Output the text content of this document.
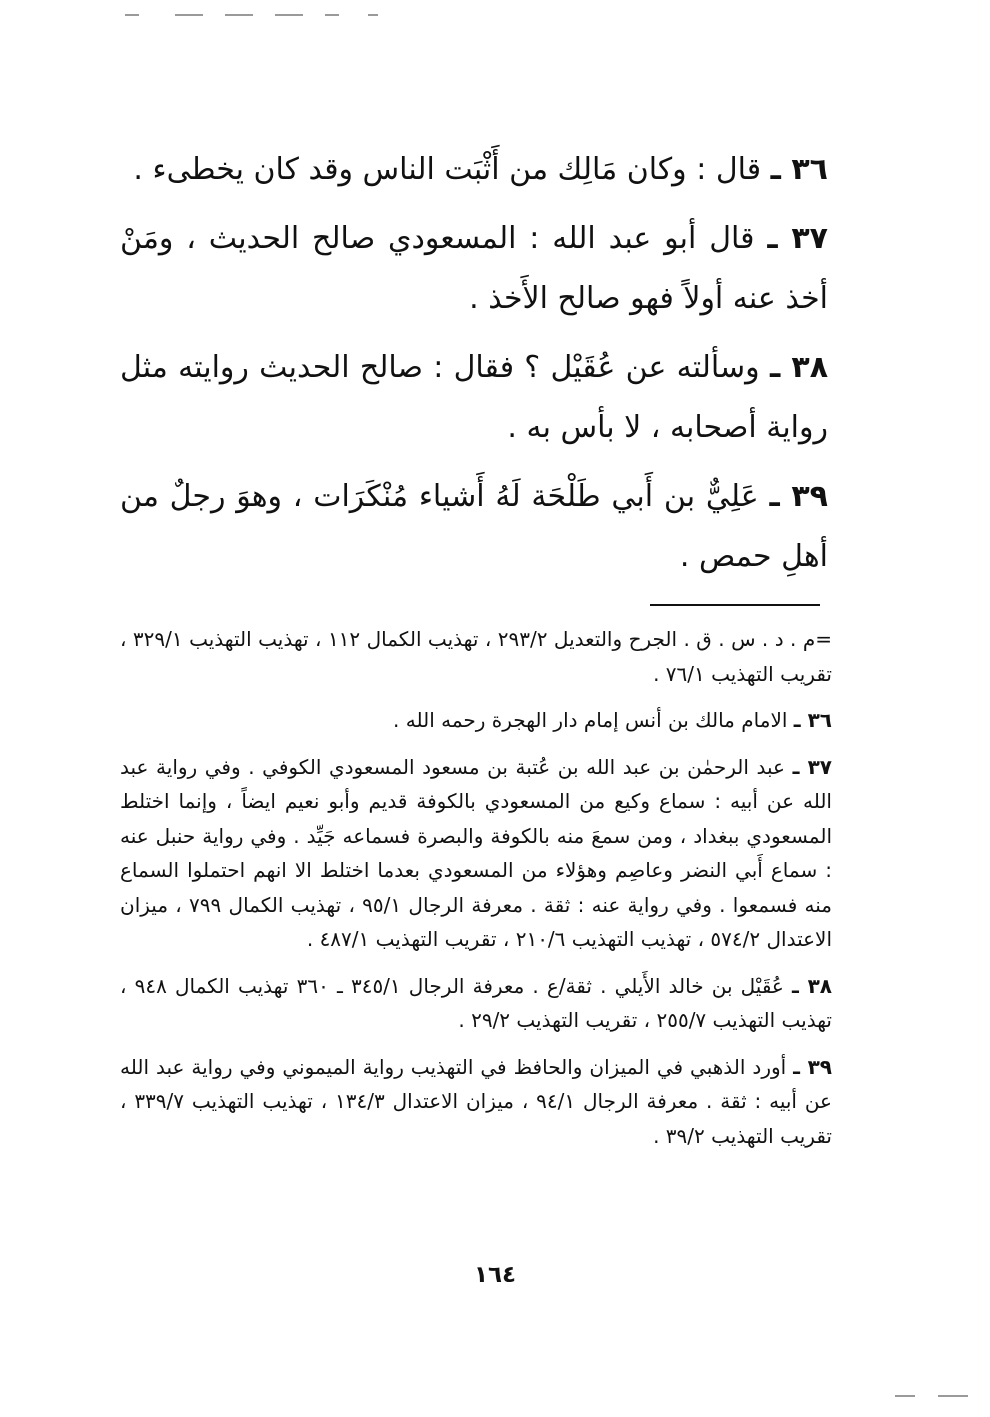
٣٦ ـ قال : وكان مَالِك من أَثْبَت الناس وقد كان يخطىء .

٣٧ ـ قال أبو عبد الله : المسعودي صالح الحديث ، ومَنْ أخذ عنه أولاً فهو صالح الأَخذ .

٣٨ ـ وسألته عن عُقَيْل ؟ فقال : صالح الحديث روايته مثل رواية أصحابه ، لا بأس به .

٣٩ ـ عَلِيٌّ بن أَبي طَلْحَة لَهُ أَشياء مُنْكَرَات ، وهوَ رجلٌ من أهلِ حمص .

=م . د . س . ق . الجرح والتعديل ٢٩٣/٢ ، تهذيب الكمال ١١٢ ، تهذيب التهذيب ٣٢٩/١ ، تقريب التهذيب ٧٦/١ .

٣٦ ـ الامام مالك بن أنس إمام دار الهجرة رحمه الله .

٣٧ ـ عبد الرحمٰن بن عبد الله بن عُتبة بن مسعود المسعودي الكوفي . وفي رواية عبد الله عن أبيه : سماع وكيع من المسعودي بالكوفة قديم وأبو نعيم ايضاً ، وإنما اختلط المسعودي ببغداد ، ومن سمعَ منه بالكوفة والبصرة فسماعه جَيِّد . وفي رواية حنبل عنه : سماع أَبي النضر وعاصِم وهؤلاء من المسعودي بعدما اختلط الا انهم احتملوا السماع منه فسمعوا . وفي رواية عنه : ثقة . معرفة الرجال ٩٥/١ ، تهذيب الكمال ٧٩٩ ، ميزان الاعتدال ٥٧٤/٢ ، تهذيب التهذيب ٢١٠/٦ ، تقريب التهذيب ٤٨٧/١ .

٣٨ ـ عُقَيْل بن خالد الأَيلي . ثقة/ع . معرفة الرجال ٣٤٥/١ ـ ٣٦٠ تهذيب الكمال ٩٤٨ ، تهذيب التهذيب ٢٥٥/٧ ، تقريب التهذيب ٢٩/٢ .

٣٩ ـ أورد الذهبي في الميزان والحافظ في التهذيب رواية الميموني وفي رواية عبد الله عن أبيه : ثقة . معرفة الرجال ٩٤/١ ، ميزان الاعتدال ١٣٤/٣ ، تهذيب التهذيب ٣٣٩/٧ ، تقريب التهذيب ٣٩/٢ .

١٦٤
